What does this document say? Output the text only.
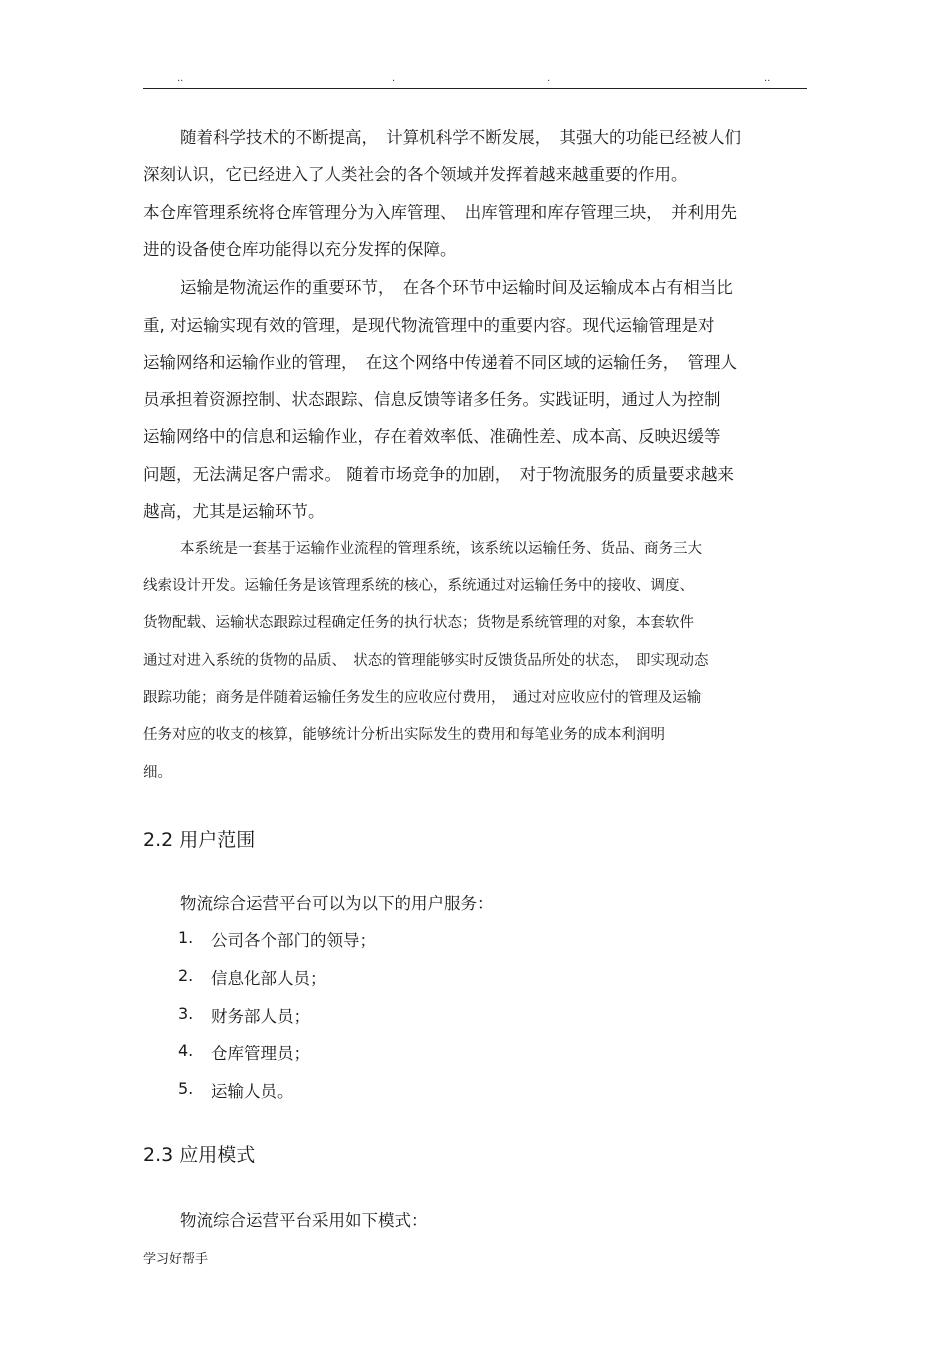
..	.	.	..
随着科学技术的不断提高，　计算机科学不断发展，　其强大的功能已经被人们
深刻认识，它已经进入了人类社会的各个领域并发挥着越来越重要的作用。
本仓库管理系统将仓库管理分为入库管理、　出库管理和库存管理三块，　并利用先
进的设备使仓库功能得以充分发挥的保障。
运输是物流运作的重要环节，　在各个环节中运输时间及运输成本占有相当比
重, 对运输实现有效的管理，是现代物流管理中的重要内容。现代运输管理是对
运输网络和运输作业的管理，　在这个网络中传递着不同区域的运输任务，　管理人
员承担着资源控制、状态跟踪、信息反馈等诸多任务。实践证明，通过人为控制
运输网络中的信息和运输作业，存在着效率低、准确性差、成本高、反映迟缓等
问题，无法满足客户需求。 随着市场竞争的加剧，　对于物流服务的质量要求越来
越高，尤其是运输环节。
本系统是一套基于运输作业流程的管理系统，该系统以运输任务、货品、商务三大
线索设计开发。运输任务是该管理系统的核心，系统通过对运输任务中的接收、调度、
货物配载、运输状态跟踪过程确定任务的执行状态；货物是系统管理的对象，本套软件
通过对进入系统的货物的品质、　状态的管理能够实时反馈货品所处的状态，　即实现动态
跟踪功能；商务是伴随着运输任务发生的应收应付费用，　通过对应收应付的管理及运输
任务对应的收支的核算，能够统计分析出实际发生的费用和每笔业务的成本利润明
细。
2.2 用户范围
物流综合运营平台可以为以下的用户服务：
1. 公司各个部门的领导；
2. 信息化部人员；
3. 财务部人员；
4. 仓库管理员；
5. 运输人员。
2.3 应用模式
物流综合运营平台采用如下模式：
学习好帮手
